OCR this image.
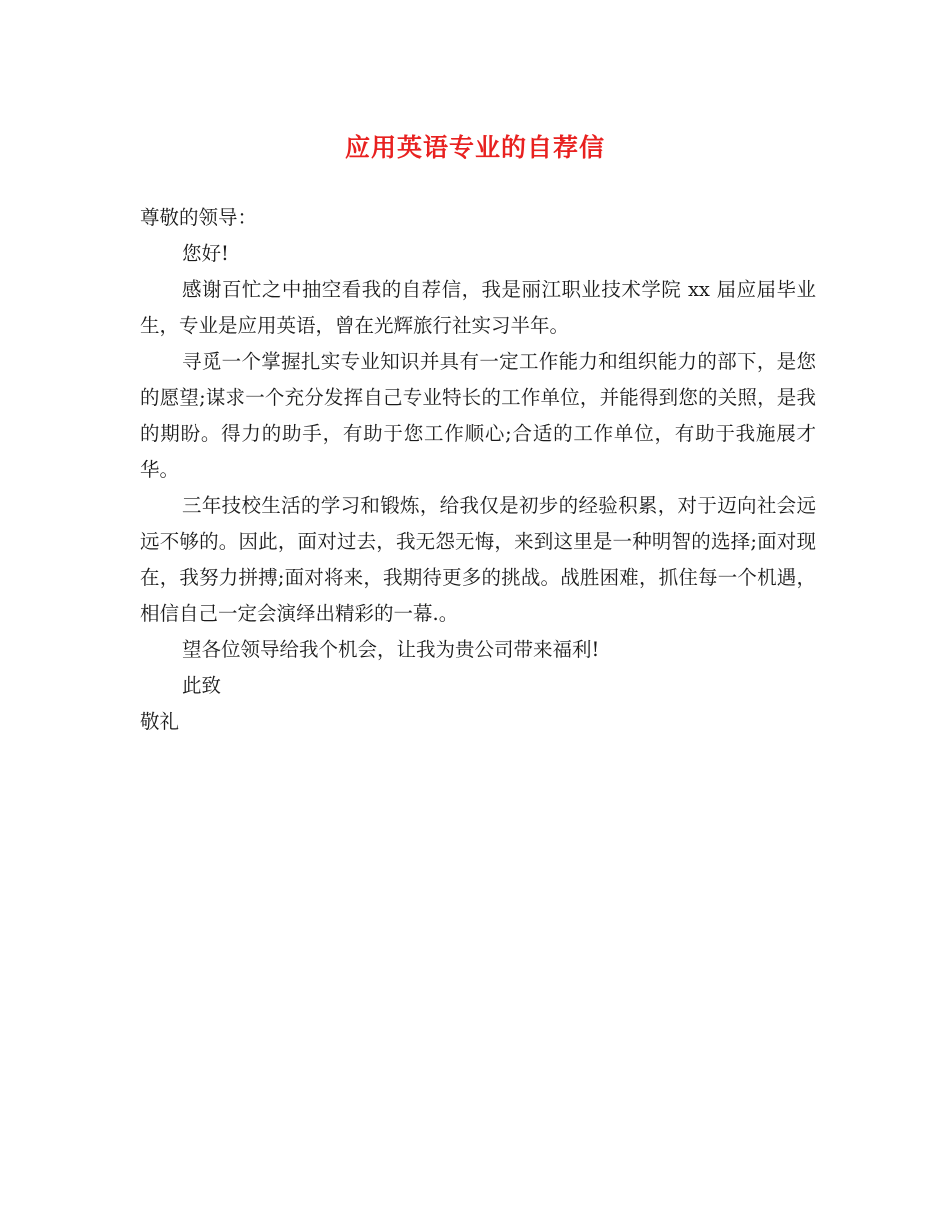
应用英语专业的自荐信

尊敬的领导：

您好!

感谢百忙之中抽空看我的自荐信，我是丽江职业技术学院 xx 届应届毕业生，专业是应用英语，曾在光辉旅行社实习半年。

寻觅一个掌握扎实专业知识并具有一定工作能力和组织能力的部下，是您的愿望;谋求一个充分发挥自己专业特长的工作单位，并能得到您的关照，是我的期盼。得力的助手，有助于您工作顺心;合适的工作单位，有助于我施展才华。

三年技校生活的学习和锻炼，给我仅是初步的经验积累，对于迈向社会远远不够的。因此，面对过去，我无怨无悔，来到这里是一种明智的选择;面对现在，我努力拼搏;面对将来，我期待更多的挑战。战胜困难，抓住每一个机遇，相信自己一定会演绎出精彩的一幕.。

望各位领导给我个机会，让我为贵公司带来福利!

此致

敬礼
